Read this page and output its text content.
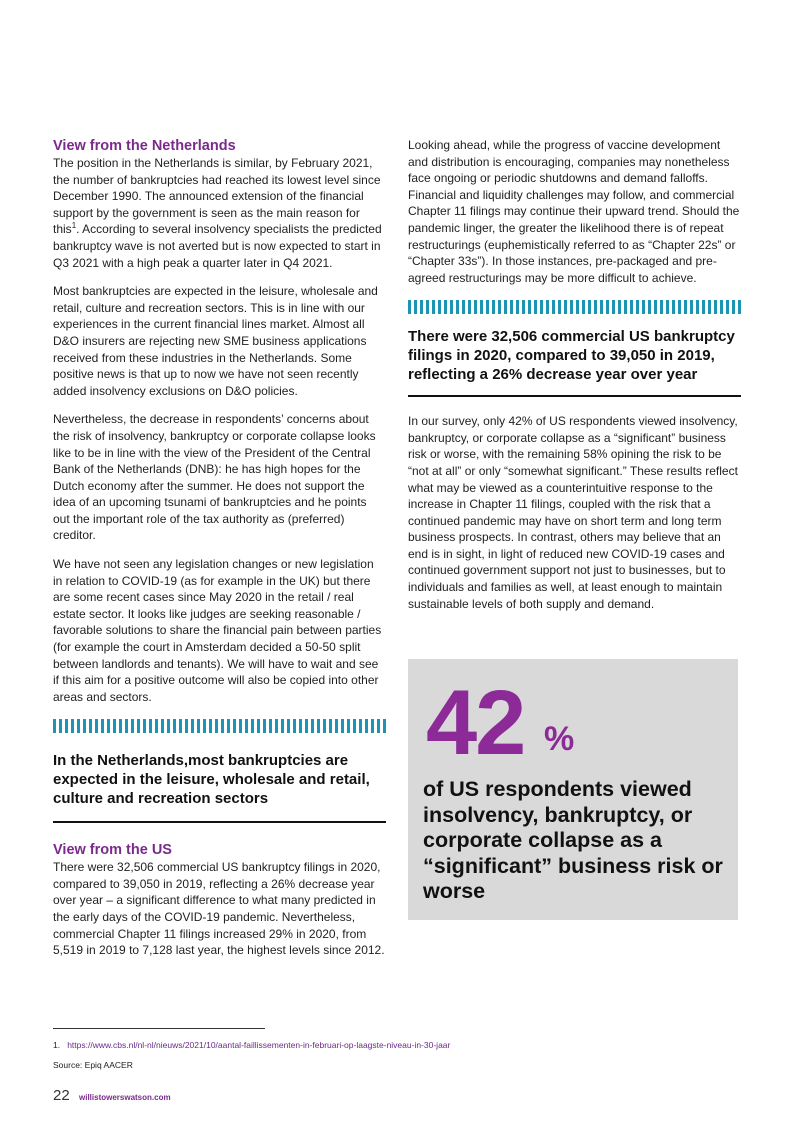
View from the Netherlands

The position in the Netherlands is similar, by February 2021, the number of bankruptcies had reached its lowest level since December 1990. The announced extension of the financial support by the government is seen as the main reason for this$^1$. According to several insolvency specialists the predicted bankruptcy wave is not averted but is now expected to start in Q3 2021 with a high peak a quarter later in Q4 2021.

Most bankruptcies are expected in the leisure, wholesale and retail, culture and recreation sectors. This is in line with our experiences in the current financial lines market. Almost all D&O insurers are rejecting new SME business applications received from these industries in the Netherlands. Some positive news is that up to now we have not seen recently added insolvency exclusions on D&O policies.

Nevertheless, the decrease in respondents’ concerns about the risk of insolvency, bankruptcy or corporate collapse looks like to be in line with the view of the President of the Central Bank of the Netherlands (DNB): he has high hopes for the Dutch economy after the summer. He does not support the idea of an upcoming tsunami of bankruptcies and he points out the important role of the tax authority as (preferred) creditor.

We have not seen any legislation changes or new legislation in relation to COVID-19 (as for example in the UK) but there are some recent cases since May 2020 in the retail / real estate sector. It looks like judges are seeking reasonable / favorable solutions to share the financial pain between parties (for example the court in Amsterdam decided a 50-50 split between landlords and tenants). We will have to wait and see if this aim for a positive outcome will also be copied into other areas and sectors.

In the Netherlands,most bankruptcies are expected in the leisure, wholesale and retail, culture and recreation sectors
View from the US

There were 32,506 commercial US bankruptcy filings in 2020, compared to 39,050 in 2019, reflecting a 26% decrease year over year – a significant difference to what many predicted in the early days of the COVID-19 pandemic. Nevertheless, commercial Chapter 11 filings increased 29% in 2020, from 5,519 in 2019 to 7,128 last year, the highest levels since 2012.

Looking ahead, while the progress of vaccine development and distribution is encouraging, companies may nonetheless face ongoing or periodic shutdowns and demand falloffs. Financial and liquidity challenges may follow, and commercial Chapter 11 filings may continue their upward trend. Should the pandemic linger, the greater the likelihood there is of repeat restructurings (euphemistically referred to as “Chapter 22s” or “Chapter 33s”). In those instances, pre-packaged and pre-agreed restructurings may be more difficult to achieve.

There were 32,506 commercial US bankruptcy filings in 2020, compared to 39,050 in 2019, reflecting a 26% decrease year over year

In our survey, only 42% of US respondents viewed insolvency, bankruptcy, or corporate collapse as a “significant” business risk or worse, with the remaining 58% opining the risk to be “not at all” or only “somewhat significant.” These results reflect what may be viewed as a counterintuitive response to the increase in Chapter 11 filings, coupled with the risk that a continued pandemic may have on short term and long term business prospects. In contrast, others may believe that an end is in sight, in light of reduced new COVID-19 cases and continued government support not just to businesses, but to individuals and families as well, at least enough to maintain sustainable levels of both supply and demand.

42 %
of US respondents viewed insolvency, bankruptcy, or corporate collapse as a “significant” business risk or worse
1. https://www.cbs.nl/nl-nl/nieuws/2021/10/aantal-faillissementen-in-februari-op-laagste-niveau-in-30-jaar
Source: Epiq AACER
22 willistowerswatson.com
